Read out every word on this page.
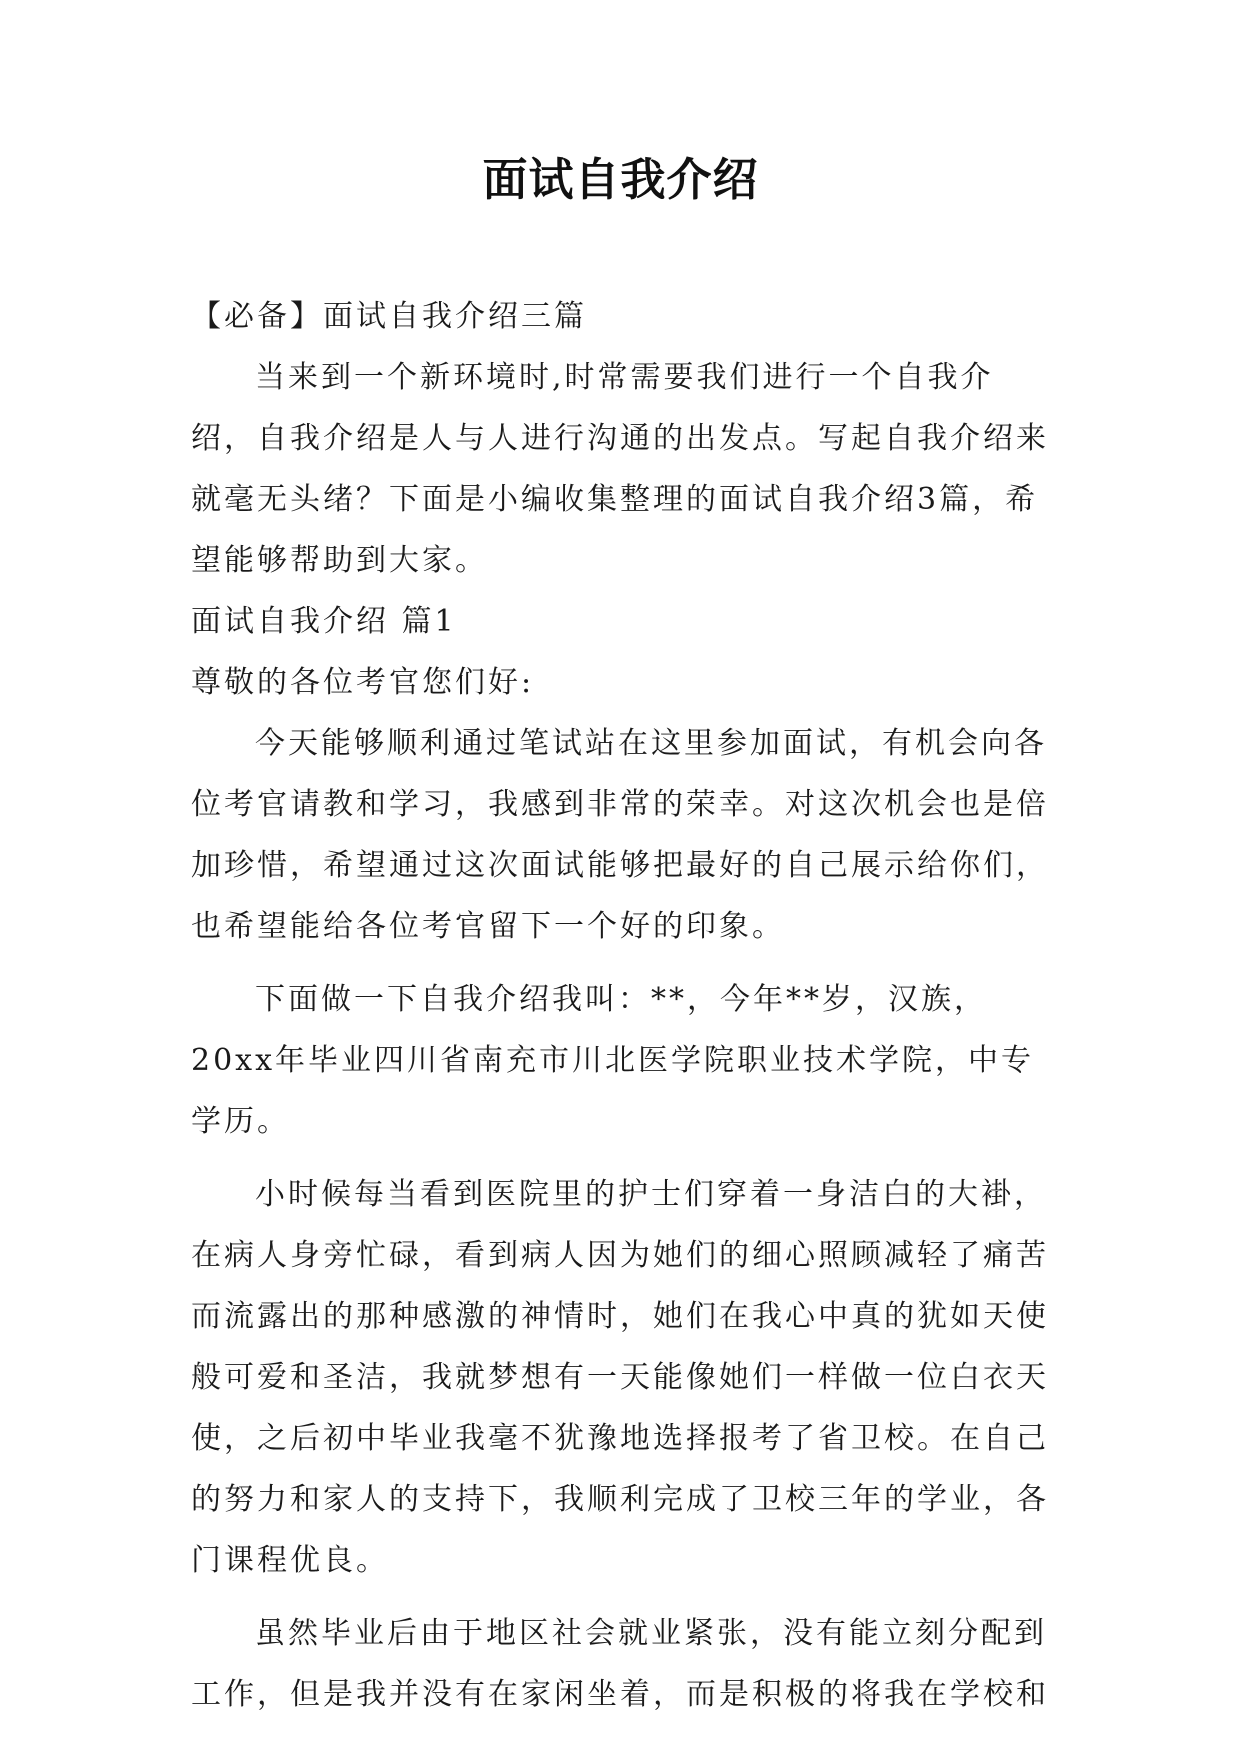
面试自我介绍

【必备】面试自我介绍三篇

当来到一个新环境时,时常需要我们进行一个自我介绍，自我介绍是人与人进行沟通的出发点。写起自我介绍来就毫无头绪？下面是小编收集整理的面试自我介绍3篇，希望能够帮助到大家。

面试自我介绍 篇1

尊敬的各位考官您们好:

今天能够顺利通过笔试站在这里参加面试，有机会向各位考官请教和学习，我感到非常的荣幸。对这次机会也是倍加珍惜，希望通过这次面试能够把最好的自己展示给你们，也希望能给各位考官留下一个好的印象。

下面做一下自我介绍我叫：**，今年**岁，汉族，20xx年毕业四川省南充市川北医学院职业技术学院，中专学历。

小时候每当看到医院里的护士们穿着一身洁白的大褂，在病人身旁忙碌，看到病人因为她们的细心照顾减轻了痛苦而流露出的那种感激的神情时，她们在我心中真的犹如天使般可爱和圣洁，我就梦想有一天能像她们一样做一位白衣天使，之后初中毕业我毫不犹豫地选择报考了省卫校。在自己的努力和家人的支持下，我顺利完成了卫校三年的学业，各门课程优良。

虽然毕业后由于地区社会就业紧张，没有能立刻分配到工作，但是我并没有在家闲坐着，而是积极的将我在学校和
